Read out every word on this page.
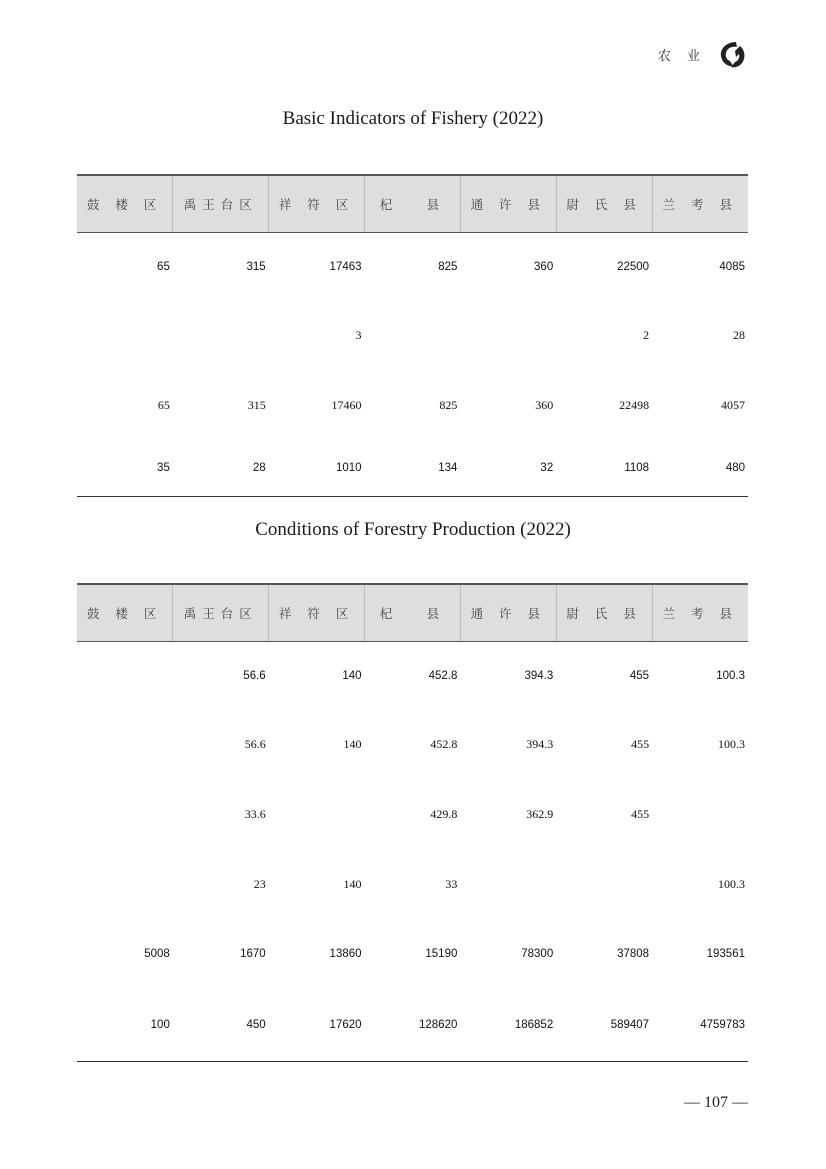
农 业
Basic Indicators of Fishery (2022)
鼓 楼 区	禹王台区	祥 符 区	杞　 县	通 许 县	尉 氏 县	兰 考 县
65	315	17463	825	360	22500	4085
		3			2	28
65	315	17460	825	360	22498	4057
35	28	1010	134	32	1108	480
Conditions of Forestry Production (2022)
鼓 楼 区	禹王台区	祥 符 区	杞　 县	通 许 县	尉 氏 县	兰 考 县
	56.6	140	452.8	394.3	455	100.3
	56.6	140	452.8	394.3	455	100.3
	33.6		429.8	362.9	455	
	23	140	33			100.3
5008	1670	13860	15190	78300	37808	193561
100	450	17620	128620	186852	589407	4759783
— 107 —
